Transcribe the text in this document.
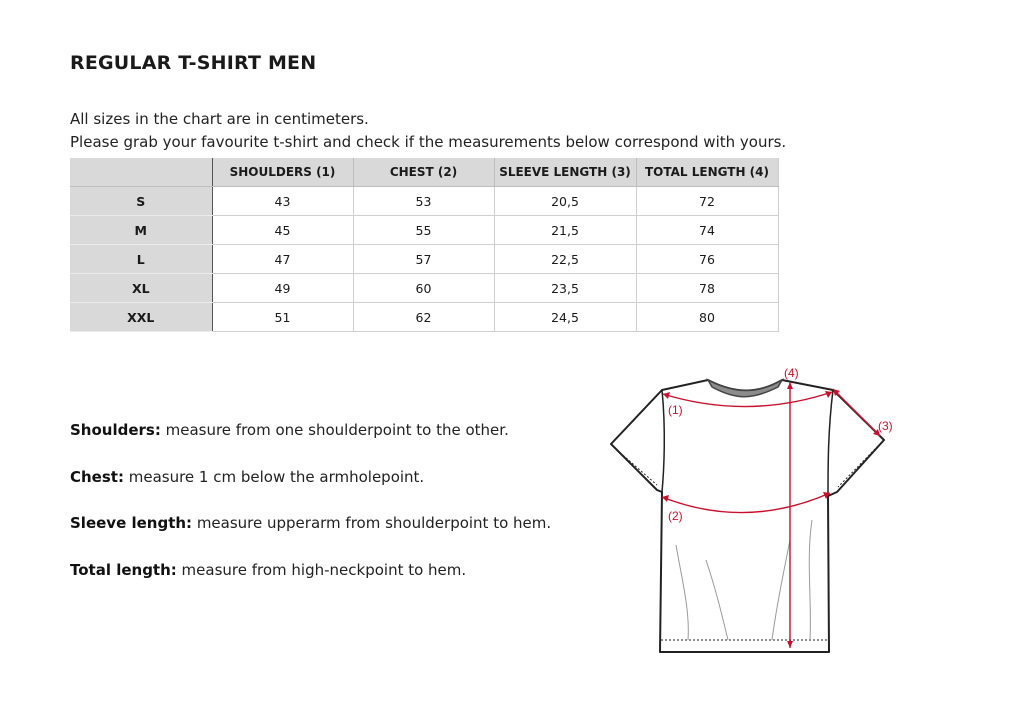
REGULAR T-SHIRT MEN

All sizes in the chart are in centimeters.

Please grab your favourite t-shirt and check if the measurements below correspond with yours.

	SHOULDERS (1)	CHEST (2)	SLEEVE LENGTH (3)	TOTAL LENGTH (4)
S	43	53	20,5	72
M	45	55	21,5	74
L	47	57	22,5	76
XL	49	60	23,5	78
XXL	51	62	24,5	80

Shoulders: measure from one shoulderpoint to the other.

Chest: measure 1 cm below the armholepoint.

Sleeve length: measure upperarm from shoulderpoint to hem.

Total length: measure from high-neckpoint to hem.

(1)
(2)
(3)
(4)
